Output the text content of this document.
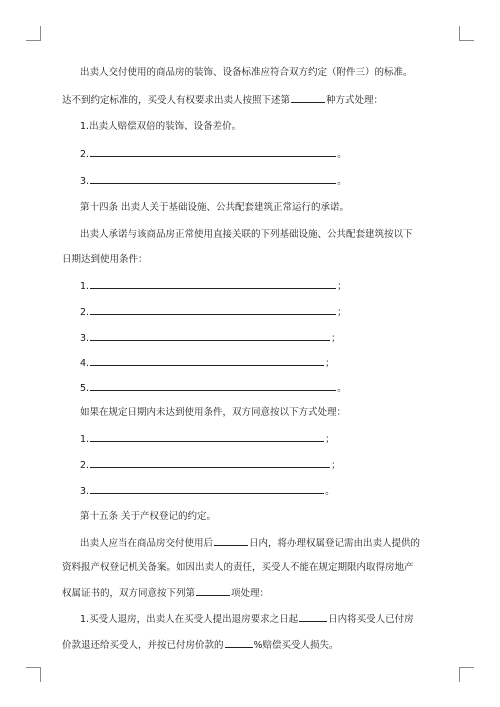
出卖人交付使用的商品房的装饰、设备标准应符合双方约定（附件三）的标准。
达不到约定标准的，买受人有权要求出卖人按照下述第	种方式处理：
1.出卖人赔偿双倍的装饰、设备差价。
2.	。
3.	。
第十四条 出卖人关于基础设施、公共配套建筑正常运行的承诺。
出卖人承诺与该商品房正常使用直接关联的下列基础设施、公共配套建筑按以下
日期达到使用条件：
1.	；
2.	；
3.	；
4.	；
5.	。
如果在规定日期内未达到使用条件，双方同意按以下方式处理：
1.	；
2.	；
3.	。
第十五条 关于产权登记的约定。
出卖人应当在商品房交付使用后	日内，将办理权属登记需由出卖人提供的
资料报产权登记机关备案。如因出卖人的责任，买受人不能在规定期限内取得房地产
权属证书的，双方同意按下列第	项处理：
1.买受人退房，出卖人在买受人提出退房要求之日起	日内将买受人已付房
价款退还给买受人，并按已付房价款的	%赔偿买受人损失。
